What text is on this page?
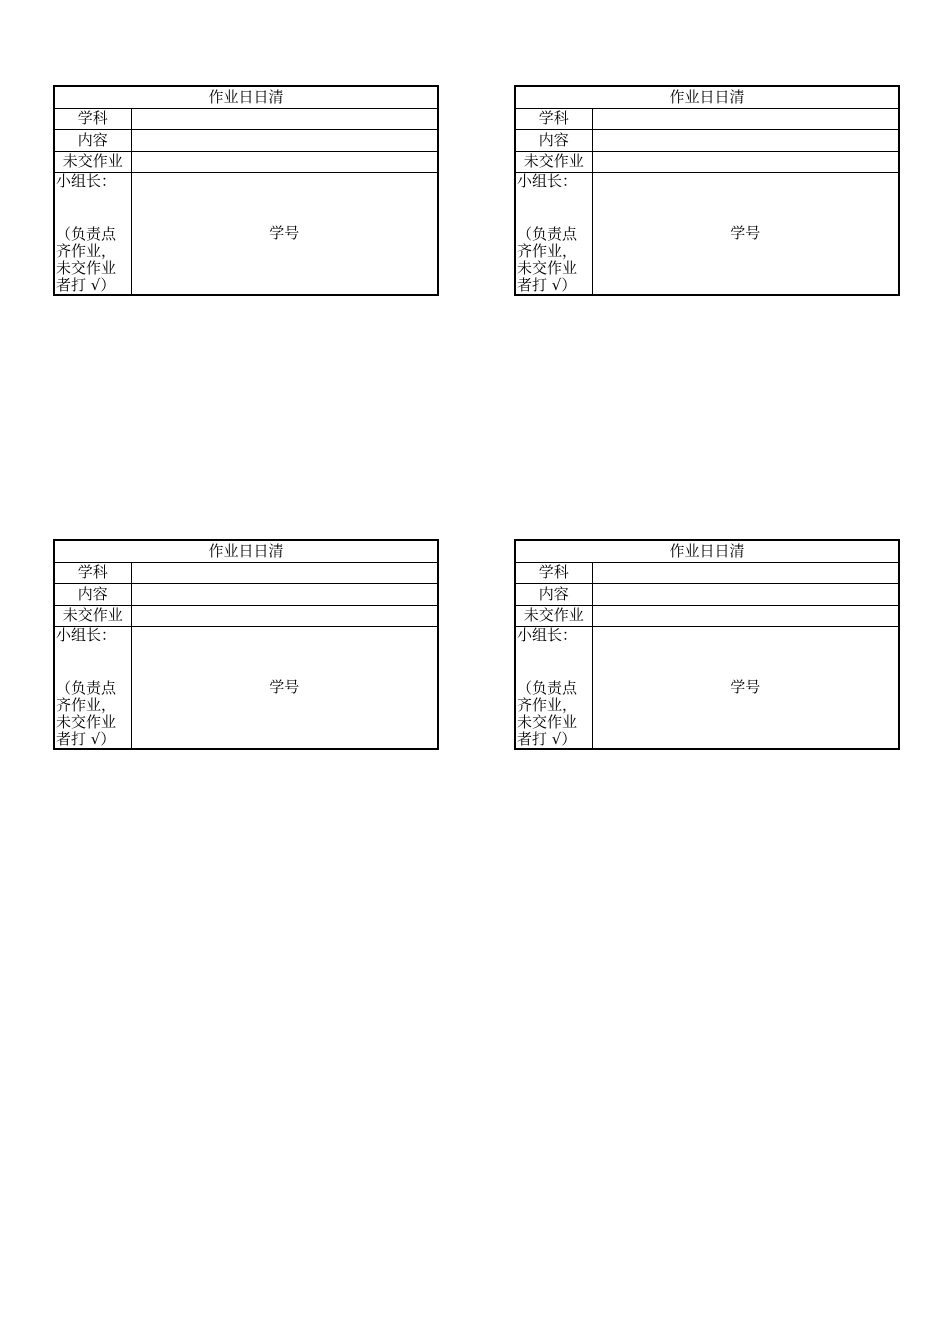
作业日日清	
学科	
内容	
未交作业	

小组长：
（负责点齐作业，未交作业者打 √）	学号
作业日日清	
学科	
内容	
未交作业	

小组长：
（负责点齐作业，未交作业者打 √）	学号
作业日日清	
学科	
内容	
未交作业	

小组长：
（负责点齐作业，未交作业者打 √）	学号
作业日日清	
学科	
内容	
未交作业	

小组长：
（负责点齐作业，未交作业者打 √）	学号
